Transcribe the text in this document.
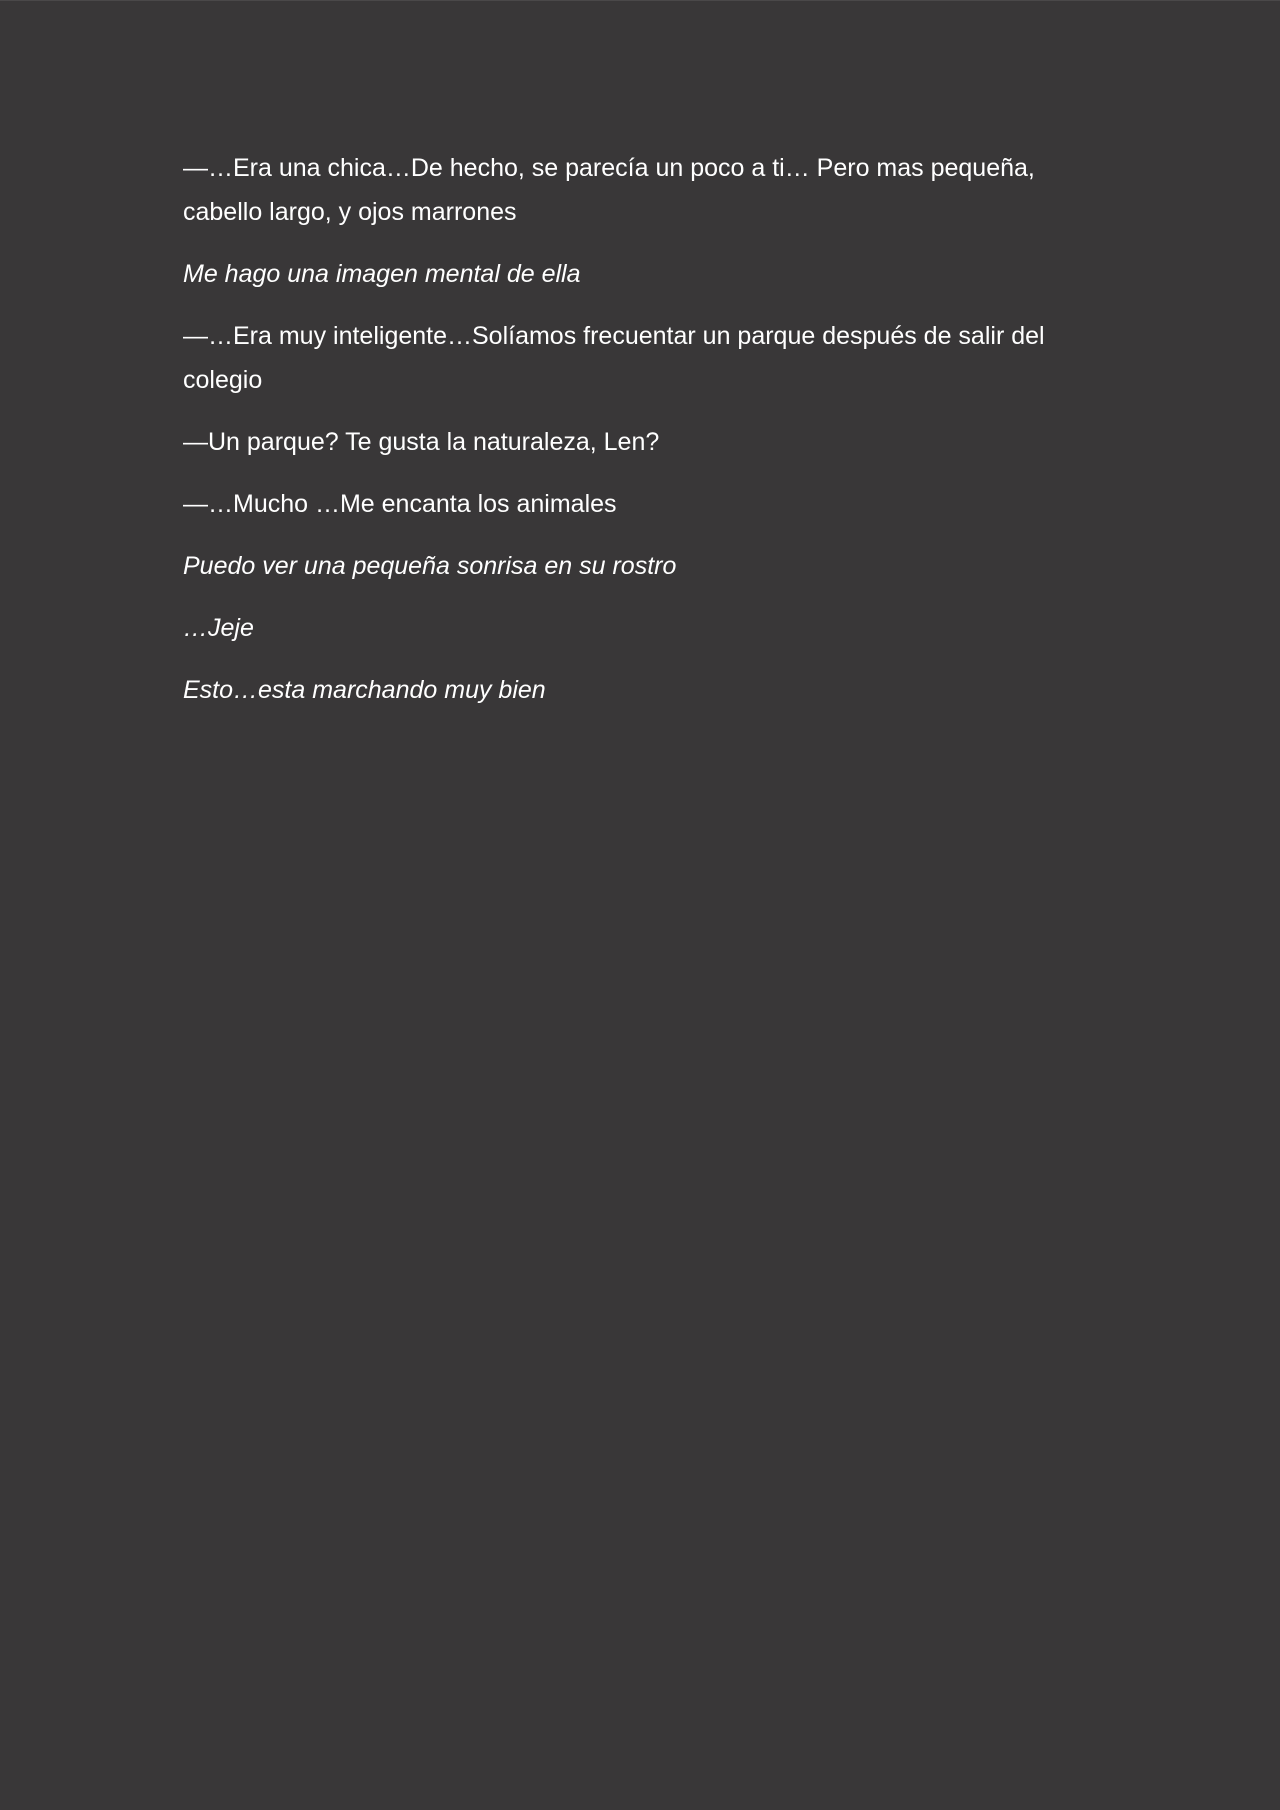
—…Era una chica…De hecho, se parecía un poco a ti… Pero mas pequeña, cabello largo, y ojos marrones

Me hago una imagen mental de ella

—…Era muy inteligente…Solíamos frecuentar un parque después de salir del colegio

—Un parque? Te gusta la naturaleza, Len?

—…Mucho …Me encanta los animales

Puedo ver una pequeña sonrisa en su rostro

…Jeje

Esto…esta marchando muy bien
